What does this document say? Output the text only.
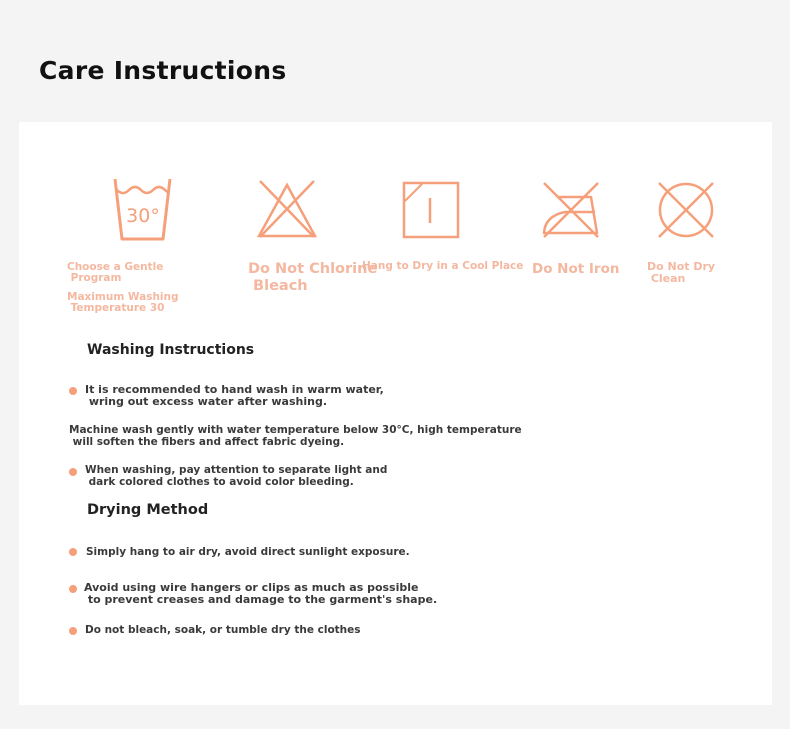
Care Instructions
30°
Choose a Gentle
Program
Maximum Washing
Temperature 30
Do Not Chlorine
Bleach
Hang to Dry in a Cool Place Do Not Iron	Do Not Dry
Clean
Washing Instructions
It is recommended to hand wash in warm water,
wring out excess water after washing.
Machine wash gently with water temperature below 30°C, high temperature
will soften the fibers and affect fabric dyeing.
When washing, pay attention to separate light and
dark colored clothes to avoid color bleeding.
Drying Method
Simply hang to air dry, avoid direct sunlight exposure.
Avoid using wire hangers or clips as much as possible
to prevent creases and damage to the garment's shape.
Do not bleach, soak, or tumble dry the clothes
